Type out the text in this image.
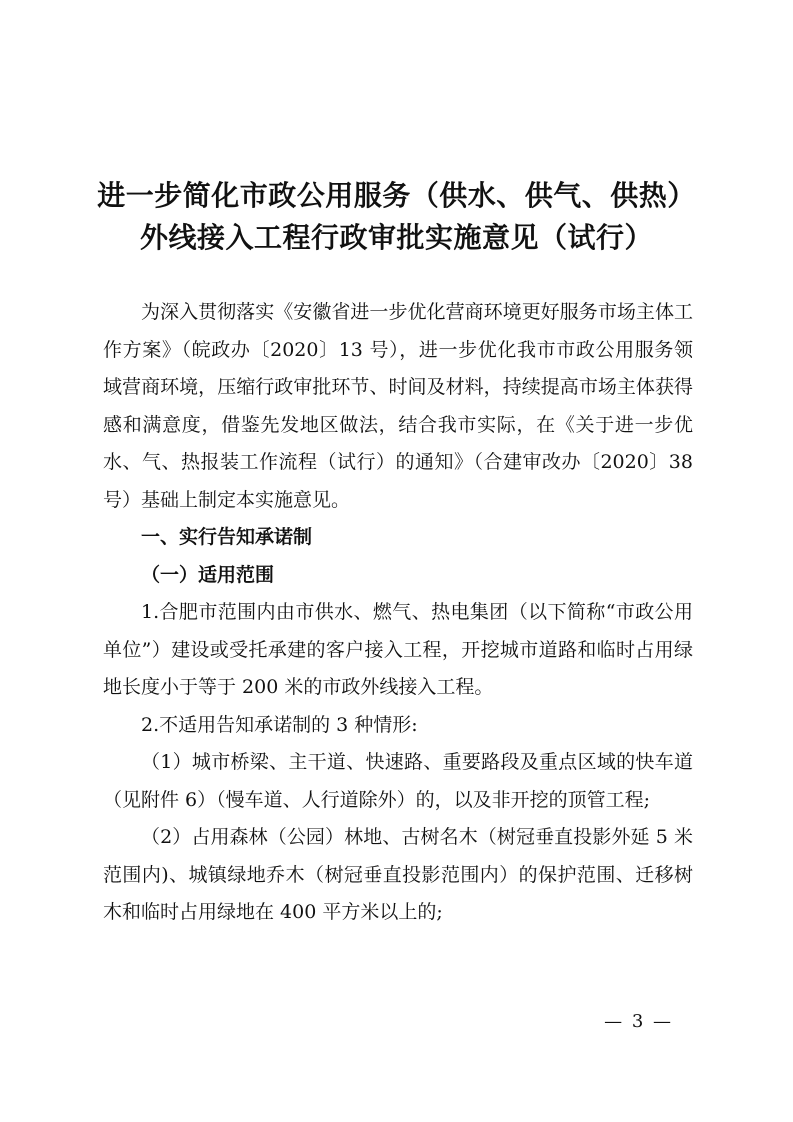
进一步简化市政公用服务（供水、供气、供热）
外线接入工程行政审批实施意见（试行）

为深入贯彻落实《安徽省进一步优化营商环境更好服务市场主体工作方案》（皖政办〔2020〕13 号），进一步优化我市市政公用服务领域营商环境，压缩行政审批环节、时间及材料，持续提高市场主体获得感和满意度，借鉴先发地区做法，结合我市实际，在《关于进一步优水、气、热报装工作流程（试行）的通知》（合建审改办〔2020〕38 号）基础上制定本实施意见。

一、实行告知承诺制

（一）适用范围

1.合肥市范围内由市供水、燃气、热电集团（以下简称“市政公用单位”）建设或受托承建的客户接入工程，开挖城市道路和临时占用绿地长度小于等于 200 米的市政外线接入工程。

2.不适用告知承诺制的 3 种情形:

（1）城市桥梁、主干道、快速路、重要路段及重点区域的快车道（见附件 6）（慢车道、人行道除外）的，以及非开挖的顶管工程;

（2）占用森林（公园）林地、古树名木（树冠垂直投影外延 5 米范围内)、城镇绿地乔木（树冠垂直投影范围内）的保护范围、迁移树木和临时占用绿地在 400 平方米以上的;

— 3 —
